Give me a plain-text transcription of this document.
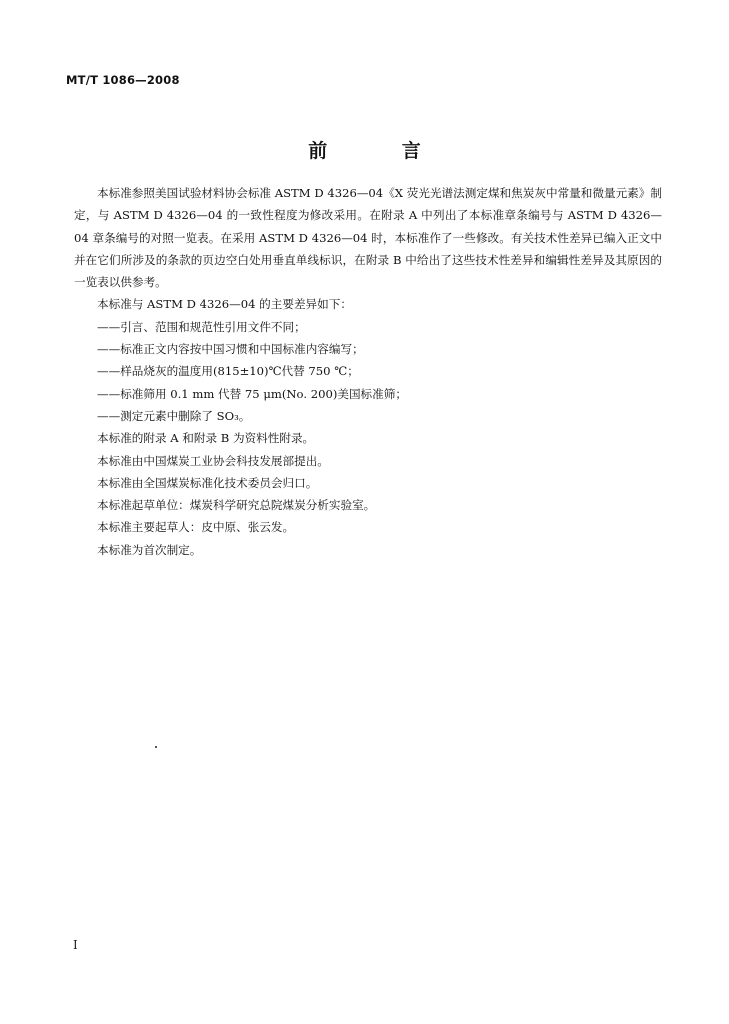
MT/T 1086—2008
前 言

本标准参照美国试验材料协会标准 ASTM D 4326—04《X 荧光光谱法测定煤和焦炭灰中常量和微量元素》制定，与 ASTM D 4326—04 的一致性程度为修改采用。在附录 A 中列出了本标准章条编号与 ASTM D 4326—04 章条编号的对照一览表。在采用 ASTM D 4326—04 时，本标准作了一些修改。有关技术性差异已编入正文中并在它们所涉及的条款的页边空白处用垂直单线标识，在附录 B 中给出了这些技术性差异和编辑性差异及其原因的一览表以供参考。

本标准与 ASTM D 4326—04 的主要差异如下：

——引言、范围和规范性引用文件不同；

——标准正文内容按中国习惯和中国标准内容编写；

——样品烧灰的温度用(815±10)℃代替 750 ℃；

——标准筛用 0.1 mm 代替 75 μm(No. 200)美国标准筛；

——测定元素中删除了 SO₃。

本标准的附录 A 和附录 B 为资料性附录。

本标准由中国煤炭工业协会科技发展部提出。

本标准由全国煤炭标准化技术委员会归口。

本标准起草单位：煤炭科学研究总院煤炭分析实验室。

本标准主要起草人：皮中原、张云发。

本标准为首次制定。

I
